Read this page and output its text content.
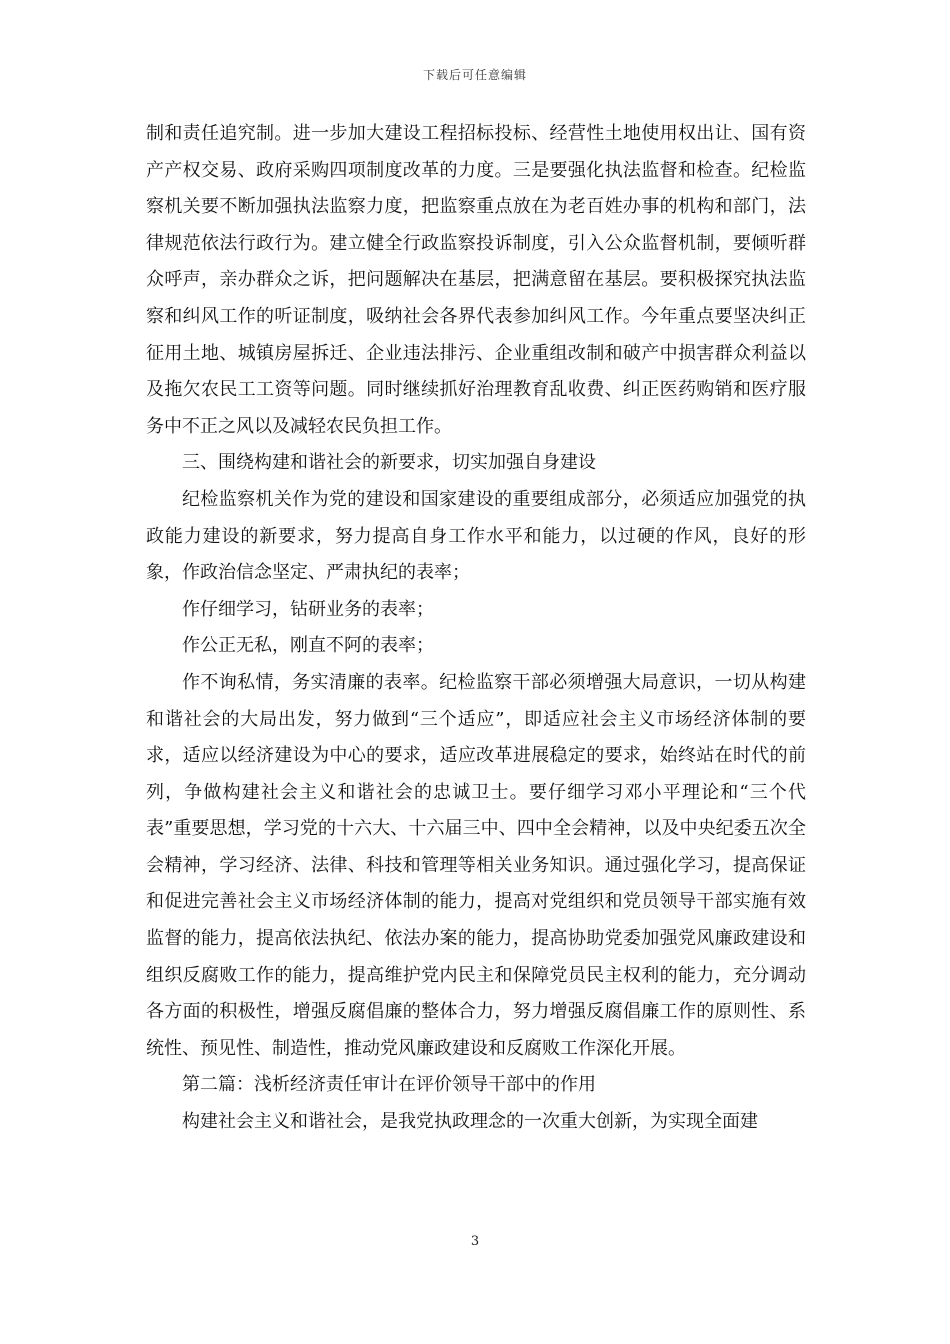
下载后可任意编辑

制和责任追究制。进一步加大建设工程招标投标、经营性土地使用权出让、国有资产产权交易、政府采购四项制度改革的力度。三是要强化执法监督和检查。纪检监察机关要不断加强执法监察力度，把监察重点放在为老百姓办事的机构和部门，法律规范依法行政行为。建立健全行政监察投诉制度，引入公众监督机制，要倾听群众呼声，亲办群众之诉，把问题解决在基层，把满意留在基层。要积极探究执法监察和纠风工作的听证制度，吸纳社会各界代表参加纠风工作。今年重点要坚决纠正征用土地、城镇房屋拆迁、企业违法排污、企业重组改制和破产中损害群众利益以及拖欠农民工工资等问题。同时继续抓好治理教育乱收费、纠正医药购销和医疗服务中不正之风以及减轻农民负担工作。

三、围绕构建和谐社会的新要求，切实加强自身建设

纪检监察机关作为党的建设和国家建设的重要组成部分，必须适应加强党的执政能力建设的新要求，努力提高自身工作水平和能力，以过硬的作风，良好的形象，作政治信念坚定、严肃执纪的表率；

作仔细学习，钻研业务的表率；

作公正无私，刚直不阿的表率；

作不询私情，务实清廉的表率。纪检监察干部必须增强大局意识，一切从构建和谐社会的大局出发，努力做到“三个适应”，即适应社会主义市场经济体制的要求，适应以经济建设为中心的要求，适应改革进展稳定的要求，始终站在时代的前列，争做构建社会主义和谐社会的忠诚卫士。要仔细学习邓小平理论和“三个代表”重要思想，学习党的十六大、十六届三中、四中全会精神，以及中央纪委五次全会精神，学习经济、法律、科技和管理等相关业务知识。通过强化学习，提高保证和促进完善社会主义市场经济体制的能力，提高对党组织和党员领导干部实施有效监督的能力，提高依法执纪、依法办案的能力，提高协助党委加强党风廉政建设和组织反腐败工作的能力，提高维护党内民主和保障党员民主权利的能力，充分调动各方面的积极性，增强反腐倡廉的整体合力，努力增强反腐倡廉工作的原则性、系统性、预见性、制造性，推动党风廉政建设和反腐败工作深化开展。

第二篇：浅析经济责任审计在评价领导干部中的作用

构建社会主义和谐社会，是我党执政理念的一次重大创新，为实现全面建

3
